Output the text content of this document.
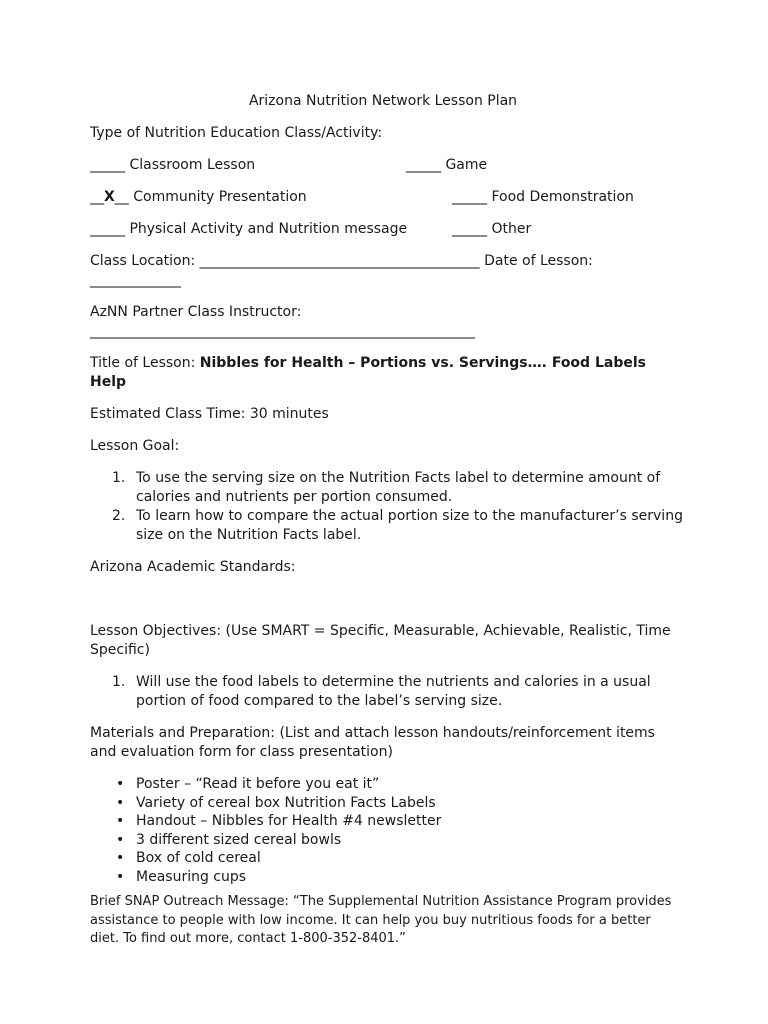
Arizona Nutrition Network Lesson Plan

Type of Nutrition Education Class/Activity:

_____ Classroom Lesson	_____ Game
__X__ Community Presentation	_____ Food Demonstration
_____ Physical Activity and Nutrition message	_____ Other

Class Location: ________________________________________ Date of Lesson:

_____________

AzNN Partner Class Instructor:

_______________________________________________________

Title of Lesson: Nibbles for Health – Portions vs. Servings…. Food Labels Help

Estimated Class Time: 30 minutes

Lesson Goal:

1. To use the serving size on the Nutrition Facts label to determine amount of calories and nutrients per portion consumed.
2. To learn how to compare the actual portion size to the manufacturer’s serving size on the Nutrition Facts label.

Arizona Academic Standards:

Lesson Objectives: (Use SMART = Specific, Measurable, Achievable, Realistic, Time Specific)

1. Will use the food labels to determine the nutrients and calories in a usual portion of food compared to the label’s serving size.

Materials and Preparation: (List and attach lesson handouts/reinforcement items and evaluation form for class presentation)

• Poster – “Read it before you eat it”
• Variety of cereal box Nutrition Facts Labels
• Handout – Nibbles for Health #4 newsletter
• 3 different sized cereal bowls
• Box of cold cereal
• Measuring cups

Brief SNAP Outreach Message: “The Supplemental Nutrition Assistance Program provides assistance to people with low income. It can help you buy nutritious foods for a better diet. To find out more, contact 1-800-352-8401.”
